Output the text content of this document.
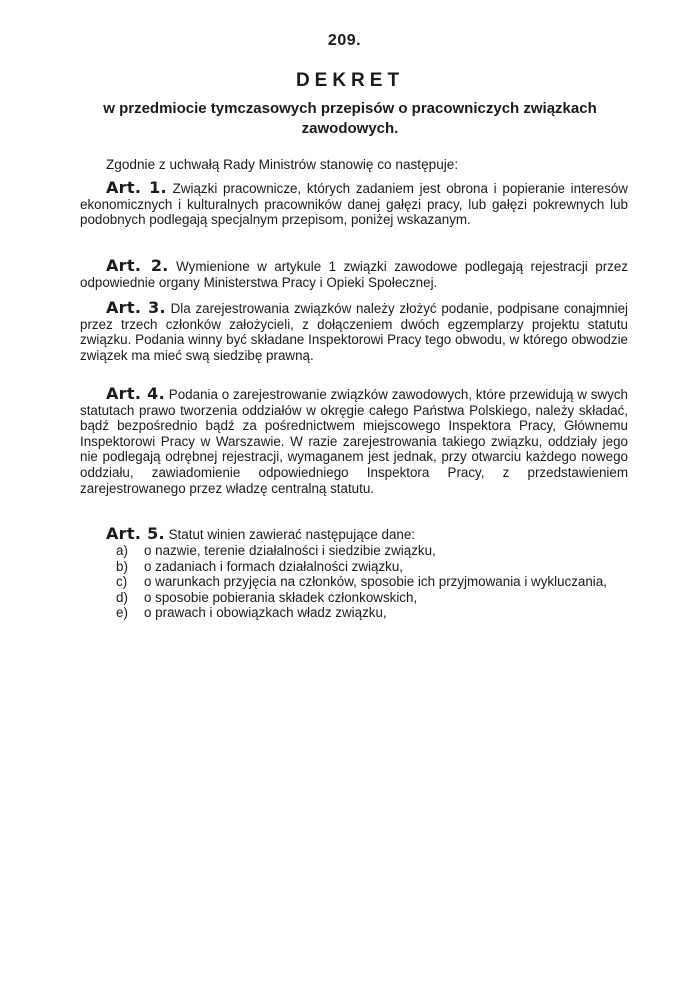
209.
DEKRET
w przedmiocie tymczasowych przepisów o pracowniczych związkach zawodowych.
Zgodnie z uchwałą Rady Ministrów stanowię co następuje:
Art. 1. Związki pracownicze, których zadaniem jest obrona i popieranie interesów ekonomicznych i kulturalnych pracowników danej gałęzi pracy, lub gałęzi pokrewnych lub podobnych podlegają specjalnym przepisom, poniżej wskazanym.
Art. 2. Wymienione w artykule 1 związki zawodowe podlegają rejestracji przez odpowiednie organy Ministerstwa Pracy i Opieki Społecznej.
Art. 3. Dla zarejestrowania związków należy złożyć podanie, podpisane conajmniej przez trzech członków założycieli, z dołączeniem dwóch egzemplarzy projektu statutu związku. Podania winny być składane Inspektorowi Pracy tego obwodu, w którego obwodzie związek ma mieć swą siedzibę prawną.
Art. 4. Podania o zarejestrowanie związków zawodowych, które przewidują w swych statutach prawo tworzenia oddziałów w okręgie całego Państwa Polskiego, należy składać, bądź bezpośrednio bądź za pośrednictwem miejscowego Inspektora Pracy, Głównemu Inspektorowi Pracy w Warszawie. W razie zarejestrowania takiego związku, oddziały jego nie podlegają odrębnej rejestracji, wymaganem jest jednak, przy otwarciu każdego nowego oddziału, zawiadomienie odpowiedniego Inspektora Pracy, z przedstawieniem zarejestrowanego przez władzę centralną statutu.
Art. 5. Statut winien zawierać następujące dane:
a) o nazwie, terenie działalności i siedzibie związku,
b) o zadaniach i formach działalności związku,
c) o warunkach przyjęcia na członków, sposobie ich przyjmowania i wykluczania,
d) o sposobie pobierania składek członkowskich,
e) o prawach i obowiązkach władz związku,
